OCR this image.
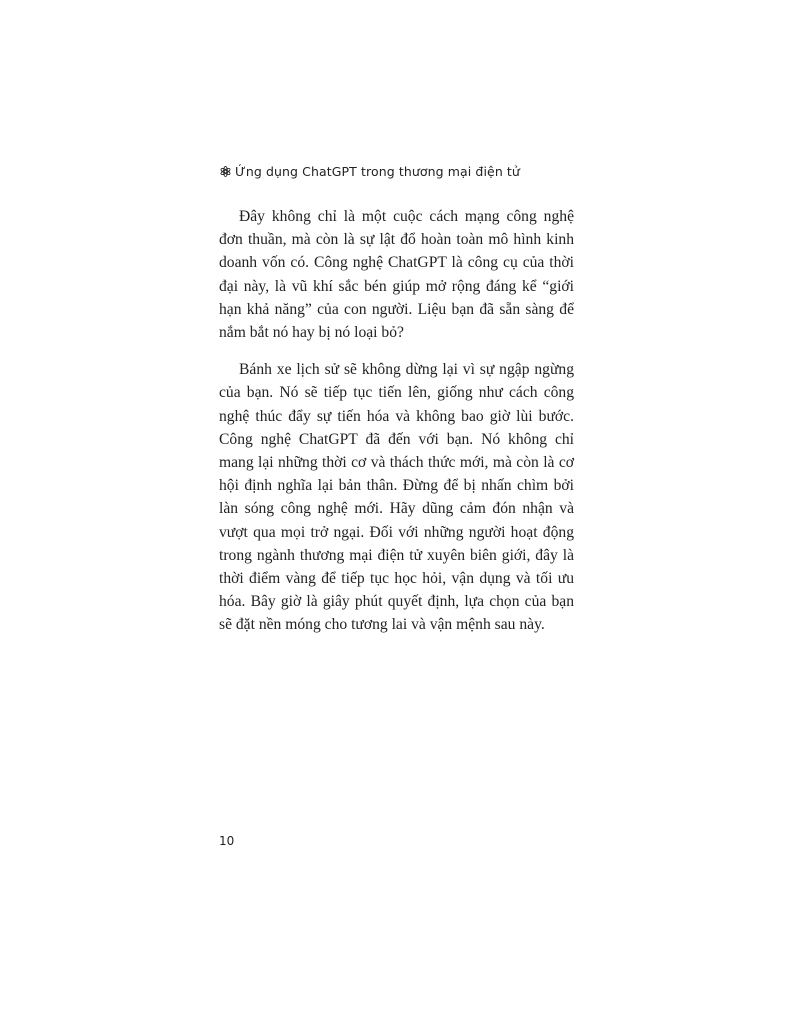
Ứng dụng ChatGPT trong thương mại điện tử

Đây không chỉ là một cuộc cách mạng công nghệ đơn thuần, mà còn là sự lật đổ hoàn toàn mô hình kinh doanh vốn có. Công nghệ ChatGPT là công cụ của thời đại này, là vũ khí sắc bén giúp mở rộng đáng kể “giới hạn khả năng” của con người. Liệu bạn đã sẵn sàng để nắm bắt nó hay bị nó loại bỏ?

Bánh xe lịch sử sẽ không dừng lại vì sự ngập ngừng của bạn. Nó sẽ tiếp tục tiến lên, giống như cách công nghệ thúc đẩy sự tiến hóa và không bao giờ lùi bước. Công nghệ ChatGPT đã đến với bạn. Nó không chỉ mang lại những thời cơ và thách thức mới, mà còn là cơ hội định nghĩa lại bản thân. Đừng để bị nhấn chìm bởi làn sóng công nghệ mới. Hãy dũng cảm đón nhận và vượt qua mọi trở ngại. Đối với những người hoạt động trong ngành thương mại điện tử xuyên biên giới, đây là thời điểm vàng để tiếp tục học hỏi, vận dụng và tối ưu hóa. Bây giờ là giây phút quyết định, lựa chọn của bạn sẽ đặt nền móng cho tương lai và vận mệnh sau này.

10
